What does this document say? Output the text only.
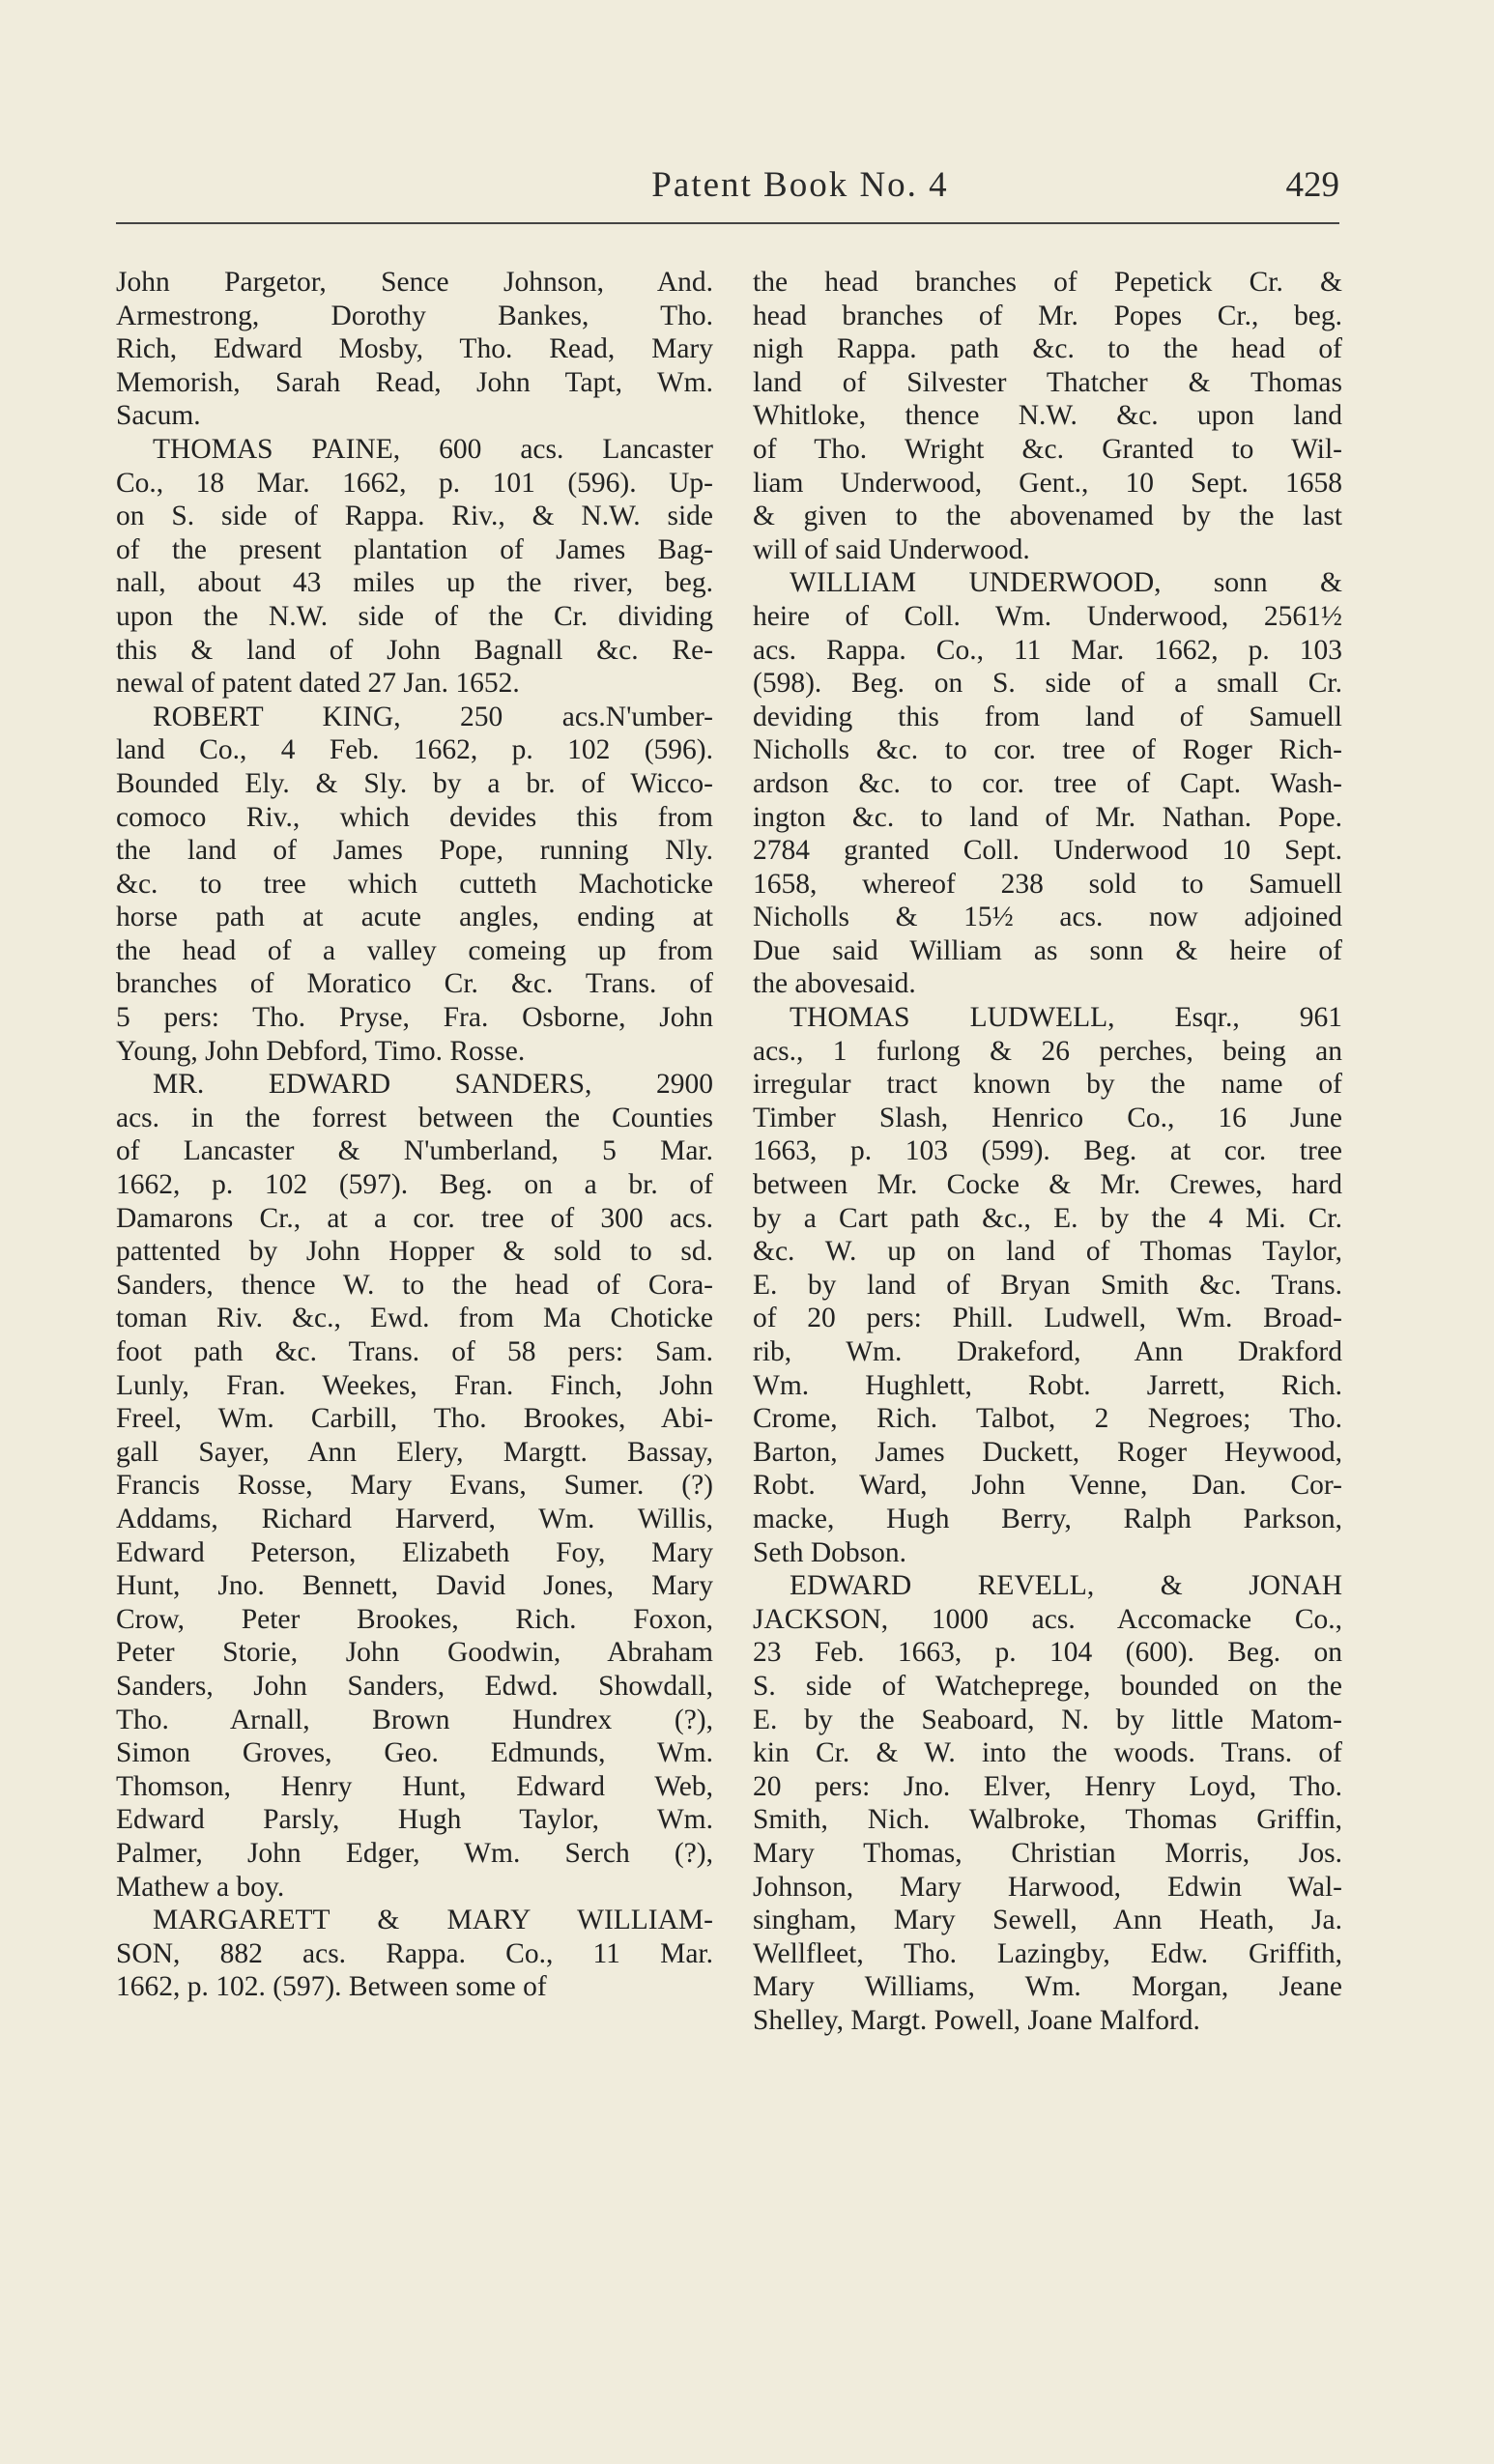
Patent Book No. 4	429

John Pargetor, Sence Johnson, And.
Armestrong, Dorothy Bankes, Tho.
Rich, Edward Mosby, Tho. Read, Mary
Memorish, Sarah Read, John Tapt, Wm.
Sacum.

THOMAS PAINE, 600 acs. Lancaster
Co., 18 Mar. 1662, p. 101 (596). Up-
on S. side of Rappa. Riv., & N.W. side
of the present plantation of James Bag-
nall, about 43 miles up the river, beg.
upon the N.W. side of the Cr. dividing
this & land of John Bagnall &c. Re-
newal of patent dated 27 Jan. 1652.

ROBERT KING, 250 acs.N'umber-
land Co., 4 Feb. 1662, p. 102 (596).
Bounded Ely. & Sly. by a br. of Wicco-
comoco Riv., which devides this from
the land of James Pope, running Nly.
&c. to tree which cutteth Machoticke
horse path at acute angles, ending at
the head of a valley comeing up from
branches of Moratico Cr. &c. Trans. of
5 pers: Tho. Pryse, Fra. Osborne, John
Young, John Debford, Timo. Rosse.

MR. EDWARD SANDERS, 2900
acs. in the forrest between the Counties
of Lancaster & N'umberland, 5 Mar.
1662, p. 102 (597). Beg. on a br. of
Damarons Cr., at a cor. tree of 300 acs.
pattented by John Hopper & sold to sd.
Sanders, thence W. to the head of Cora-
toman Riv. &c., Ewd. from Ma Choticke
foot path &c. Trans. of 58 pers: Sam.
Lunly, Fran. Weekes, Fran. Finch, John
Freel, Wm. Carbill, Tho. Brookes, Abi-
gall Sayer, Ann Elery, Margtt. Bassay,
Francis Rosse, Mary Evans, Sumer. (?)
Addams, Richard Harverd, Wm. Willis,
Edward Peterson, Elizabeth Foy, Mary
Hunt, Jno. Bennett, David Jones, Mary
Crow, Peter Brookes, Rich. Foxon,
Peter Storie, John Goodwin, Abraham
Sanders, John Sanders, Edwd. Showdall,
Tho. Arnall, Brown Hundrex (?),
Simon Groves, Geo. Edmunds, Wm.
Thomson, Henry Hunt, Edward Web,
Edward Parsly, Hugh Taylor, Wm.
Palmer, John Edger, Wm. Serch (?),
Mathew a boy.

MARGARETT & MARY WILLIAM-
SON, 882 acs. Rappa. Co., 11 Mar.
1662, p. 102. (597). Between some of

the head branches of Pepetick Cr. &
head branches of Mr. Popes Cr., beg.
nigh Rappa. path &c. to the head of
land of Silvester Thatcher & Thomas
Whitloke, thence N.W. &c. upon land
of Tho. Wright &c. Granted to Wil-
liam Underwood, Gent., 10 Sept. 1658
& given to the abovenamed by the last
will of said Underwood.

WILLIAM UNDERWOOD, sonn &
heire of Coll. Wm. Underwood, 2561½
acs. Rappa. Co., 11 Mar. 1662, p. 103
(598). Beg. on S. side of a small Cr.
deviding this from land of Samuell
Nicholls &c. to cor. tree of Roger Rich-
ardson &c. to cor. tree of Capt. Wash-
ington &c. to land of Mr. Nathan. Pope.
2784 granted Coll. Underwood 10 Sept.
1658, whereof 238 sold to Samuell
Nicholls & 15½ acs. now adjoined
Due said William as sonn & heire of
the abovesaid.

THOMAS LUDWELL, Esqr., 961
acs., 1 furlong & 26 perches, being an
irregular tract known by the name of
Timber Slash, Henrico Co., 16 June
1663, p. 103 (599). Beg. at cor. tree
between Mr. Cocke & Mr. Crewes, hard
by a Cart path &c., E. by the 4 Mi. Cr.
&c. W. up on land of Thomas Taylor,
E. by land of Bryan Smith &c. Trans.
of 20 pers: Phill. Ludwell, Wm. Broad-
rib, Wm. Drakeford, Ann Drakford
Wm. Hughlett, Robt. Jarrett, Rich.
Crome, Rich. Talbot, 2 Negroes; Tho.
Barton, James Duckett, Roger Heywood,
Robt. Ward, John Venne, Dan. Cor-
macke, Hugh Berry, Ralph Parkson,
Seth Dobson.

EDWARD REVELL, & JONAH
JACKSON, 1000 acs. Accomacke Co.,
23 Feb. 1663, p. 104 (600). Beg. on
S. side of Watcheprege, bounded on the
E. by the Seaboard, N. by little Matom-
kin Cr. & W. into the woods. Trans. of
20 pers: Jno. Elver, Henry Loyd, Tho.
Smith, Nich. Walbroke, Thomas Griffin,
Mary Thomas, Christian Morris, Jos.
Johnson, Mary Harwood, Edwin Wal-
singham, Mary Sewell, Ann Heath, Ja.
Wellfleet, Tho. Lazingby, Edw. Griffith,
Mary Williams, Wm. Morgan, Jeane
Shelley, Margt. Powell, Joane Malford.
